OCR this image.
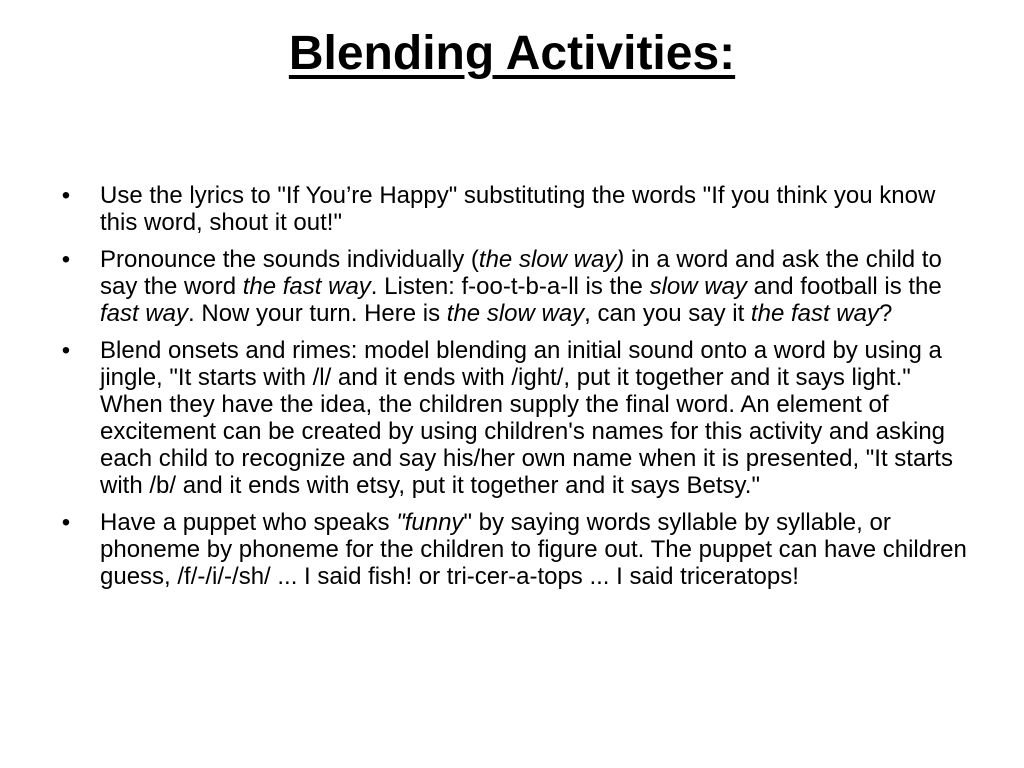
Blending Activities:
• Use the lyrics to "If You’re Happy" substituting the words "If you think you know this word, shout it out!"
• Pronounce the sounds individually (the slow way) in a word and ask the child to say the word the fast way. Listen: f-oo-t-b-a-ll is the slow way and football is the fast way. Now your turn. Here is the slow way, can you say it the fast way?
• Blend onsets and rimes: model blending an initial sound onto a word by using a jingle, "It starts with /l/ and it ends with /ight/, put it together and it says light." When they have the idea, the children supply the final word. An element of excitement can be created by using children's names for this activity and asking each child to recognize and say his/her own name when it is presented, "It starts with /b/ and it ends with etsy, put it together and it says Betsy."
• Have a puppet who speaks "funny" by saying words syllable by syllable, or phoneme by phoneme for the children to figure out. The puppet can have children guess, /f/-/i/-/sh/ ... I said fish! or tri-cer-a-tops ... I said triceratops!
